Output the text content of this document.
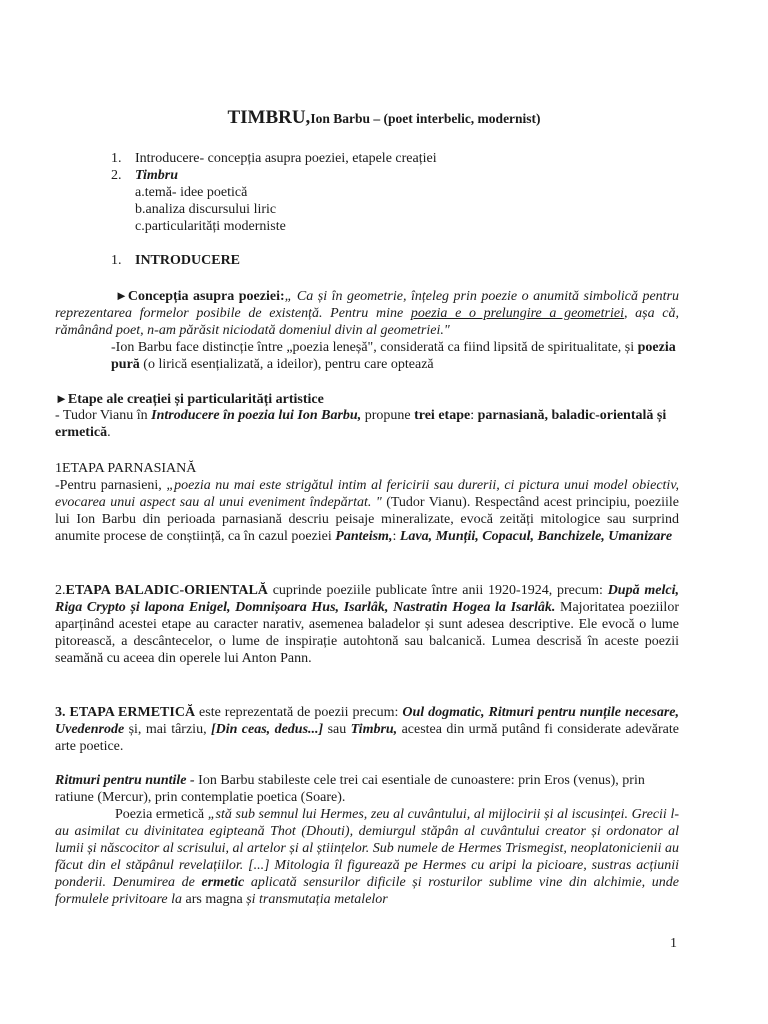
TIMBRU,Ion Barbu – (poet interbelic, modernist)
1. Introducere- concepția asupra poeziei, etapele creației
2. Timbru
a.temă- idee poetică
b.analiza discursului liric
c.particularități moderniste
1. INTRODUCERE
►Concepția asupra poeziei:„ Ca și în geometrie, înțeleg prin poezie o anumită simbolică pentru reprezentarea formelor posibile de existență. Pentru mine poezia e o prelungire a geometriei, așa că, rămânând poet, n-am părăsit niciodată domeniul divin al geometriei."
-Ion Barbu face distincție între „poezia leneșă", considerată ca fiind lipsită de spiritualitate, și poezia pură (o lirică esențializată, a ideilor), pentru care optează
►Etape ale creației și particularități artistice
- Tudor Vianu în Introducere în poezia lui Ion Barbu, propune trei etape: parnasiană, baladic-orientală și ermetică.
1ETAPA PARNASIANĂ
-Pentru parnasieni, „poezia nu mai este strigătul intim al fericirii sau durerii, ci pictura unui model obiectiv, evocarea unui aspect sau al unui eveniment îndepărtat. " (Tudor Vianu). Respectând acest principiu, poeziile lui Ion Barbu din perioada parnasiană descriu peisaje mineralizate, evocă zeități mitologice sau surprind anumite procese de conștiință, ca în cazul poeziei Panteism,: Lava, Munții, Copacul, Banchizele, Umanizare
2.ETAPA BALADIC-ORIENTALĂ cuprinde poeziile publicate între anii 1920-1924, precum: După melci, Riga Crypto și lapona Enigel, Domnișoara Hus, Isarlâk, Nastratin Hogea la Isarlâk. Majoritatea poeziilor aparținând acestei etape au caracter narativ, asemenea baladelor și sunt adesea descriptive. Ele evocă o lume pitorească, a descântecelor, o lume de inspirație autohtonă sau balcanică. Lumea descrisă în aceste poezii seamănă cu aceea din operele lui Anton Pann.
3. ETAPA ERMETICĂ este reprezentată de poezii precum: Oul dogmatic, Ritmuri pentru nunțile necesare, Uvedenrode și, mai târziu, [Din ceas, dedus...] sau Timbru, acestea din urmă putând fi considerate adevărate arte poetice.
Ritmuri pentru nuntile - Ion Barbu stabileste cele trei cai esentiale de cunoastere: prin Eros (venus), prin ratiune (Mercur), prin contemplatie poetica (Soare).
Poezia ermetică „stă sub semnul lui Hermes, zeu al cuvântului, al mijlocirii și al iscusinței. Grecii l-au asimilat cu divinitatea egipteană Thot (Dhouti), demiurgul stăpân al cuvântului creator și ordonator al lumii și născocitor al scrisului, al artelor și al științelor. Sub numele de Hermes Trismegist, neoplatonicienii au făcut din el stăpânul revelațiilor. [...] Mitologia îl figurează pe Hermes cu aripi la picioare, sustras acțiunii ponderii. Denumirea de ermetic aplicată sensurilor dificile și rosturilor sublime vine din alchimie, unde formulele privitoare la ars magna și transmutația metalelor
1
